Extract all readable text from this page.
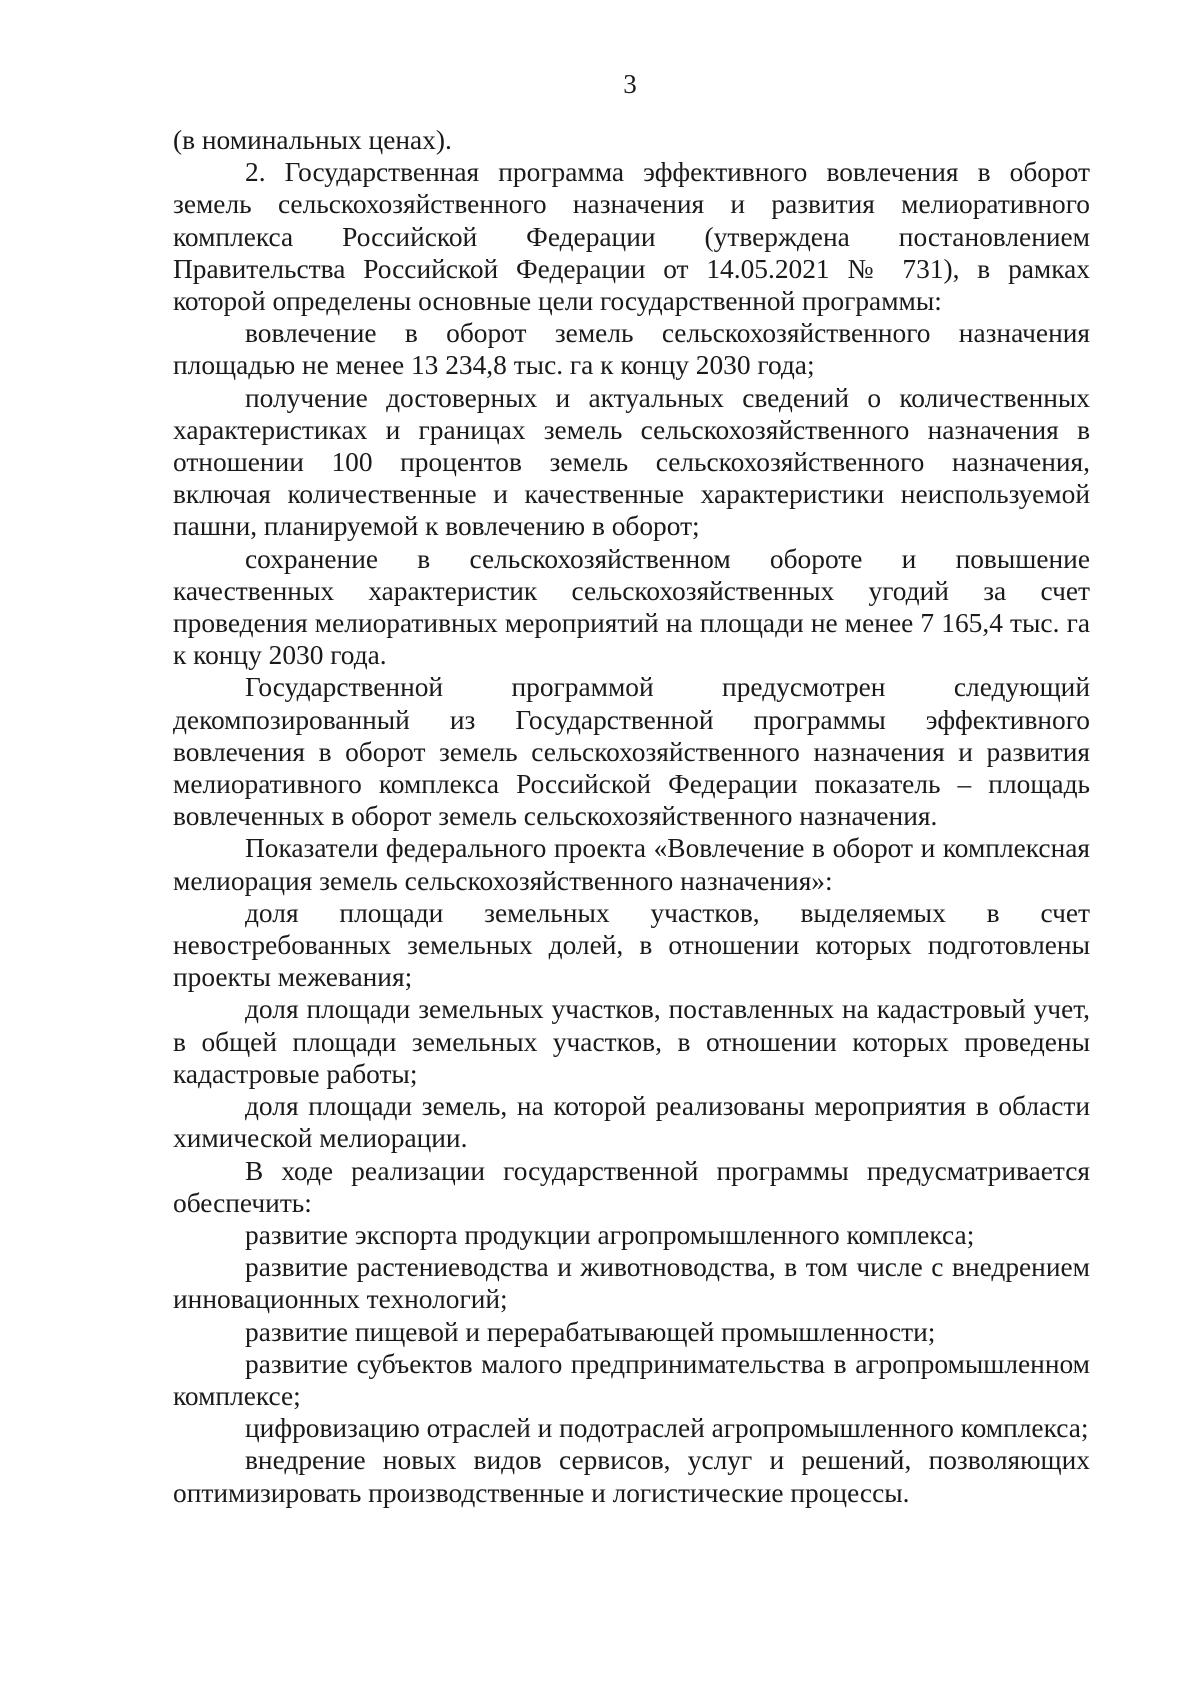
3

(в номинальных ценах).

2. Государственная программа эффективного вовлечения в оборот земель сельскохозяйственного назначения и развития мелиоративного комплекса Российской Федерации (утверждена постановлением Правительства Российской Федерации от 14.05.2021 № 731), в рамках которой определены основные цели государственной программы:

вовлечение в оборот земель сельскохозяйственного назначения площадью не менее 13 234,8 тыс. га к концу 2030 года;

получение достоверных и актуальных сведений о количественных характеристиках и границах земель сельскохозяйственного назначения в отношении 100 процентов земель сельскохозяйственного назначения, включая количественные и качественные характеристики неиспользуемой пашни, планируемой к вовлечению в оборот;

сохранение в сельскохозяйственном обороте и повышение качественных характеристик сельскохозяйственных угодий за счет проведения мелиоративных мероприятий на площади не менее 7 165,4 тыс. га к концу 2030 года.

Государственной программой предусмотрен следующий декомпозированный из Государственной программы эффективного вовлечения в оборот земель сельскохозяйственного назначения и развития мелиоративного комплекса Российской Федерации показатель – площадь вовлеченных в оборот земель сельскохозяйственного назначения.

Показатели федерального проекта «Вовлечение в оборот и комплексная мелиорация земель сельскохозяйственного назначения»:

доля площади земельных участков, выделяемых в счет невостребованных земельных долей, в отношении которых подготовлены проекты межевания;

доля площади земельных участков, поставленных на кадастровый учет, в общей площади земельных участков, в отношении которых проведены кадастровые работы;

доля площади земель, на которой реализованы мероприятия в области химической мелиорации.

В ходе реализации государственной программы предусматривается обеспечить:

развитие экспорта продукции агропромышленного комплекса;

развитие растениеводства и животноводства, в том числе с внедрением инновационных технологий;

развитие пищевой и перерабатывающей промышленности;

развитие субъектов малого предпринимательства в агропромышленном комплексе;

цифровизацию отраслей и подотраслей агропромышленного комплекса;

внедрение новых видов сервисов, услуг и решений, позволяющих оптимизировать производственные и логистические процессы.
